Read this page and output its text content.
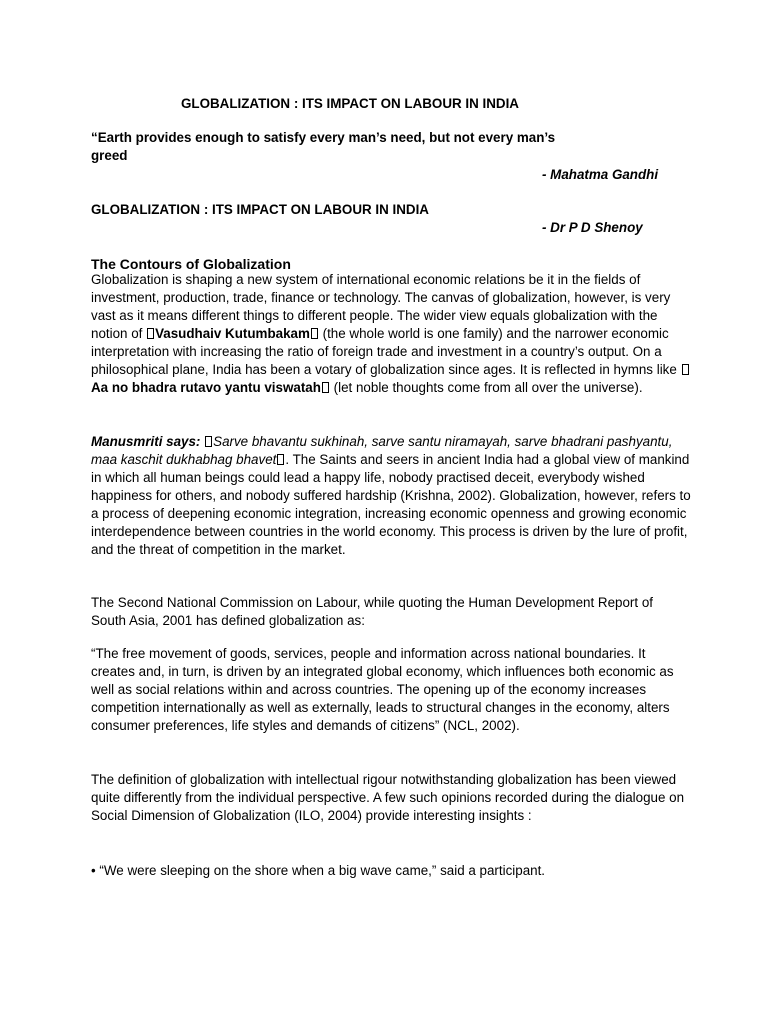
GLOBALIZATION : ITS IMPACT ON LABOUR IN INDIA
“Earth provides enough to satisfy every man’s need, but not every man’s greed
- Mahatma Gandhi
GLOBALIZATION : ITS IMPACT ON LABOUR IN INDIA
- Dr P D Shenoy
The Contours of Globalization

Globalization is shaping a new system of international economic relations be it in the fields of investment, production, trade, finance or technology. The canvas of globalization, however, is very vast as it means different things to different people. The wider view equals globalization with the notion of Vasudhaiv Kutumbakam (the whole world is one family) and the narrower economic interpretation with increasing the ratio of foreign trade and investment in a country’s output. On a philosophical plane, India has been a votary of globalization since ages. It is reflected in hymns like Aa no bhadra rutavo yantu viswatah (let noble thoughts come from all over the universe).

Manusmriti says: Sarve bhavantu sukhinah, sarve santu niramayah, sarve bhadrani pashyantu, maa kaschit dukhabhag bhavet . The Saints and seers in ancient India had a global view of mankind in which all human beings could lead a happy life, nobody practised deceit, everybody wished happiness for others, and nobody suffered hardship (Krishna, 2002). Globalization, however, refers to a process of deepening economic integration, increasing economic openness and growing economic interdependence between countries in the world economy. This process is driven by the lure of profit, and the threat of competition in the market.

The Second National Commission on Labour, while quoting the Human Development Report of South Asia, 2001 has defined globalization as:

“The free movement of goods, services, people and information across national boundaries. It creates and, in turn, is driven by an integrated global economy, which influences both economic as well as social relations within and across countries. The opening up of the economy increases competition internationally as well as externally, leads to structural changes in the economy, alters consumer preferences, life styles and demands of citizens” (NCL, 2002).

The definition of globalization with intellectual rigour notwithstanding globalization has been viewed quite differently from the individual perspective. A few such opinions recorded during the dialogue on Social Dimension of Globalization (ILO, 2004) provide interesting insights :

• “We were sleeping on the shore when a big wave came,” said a participant.
